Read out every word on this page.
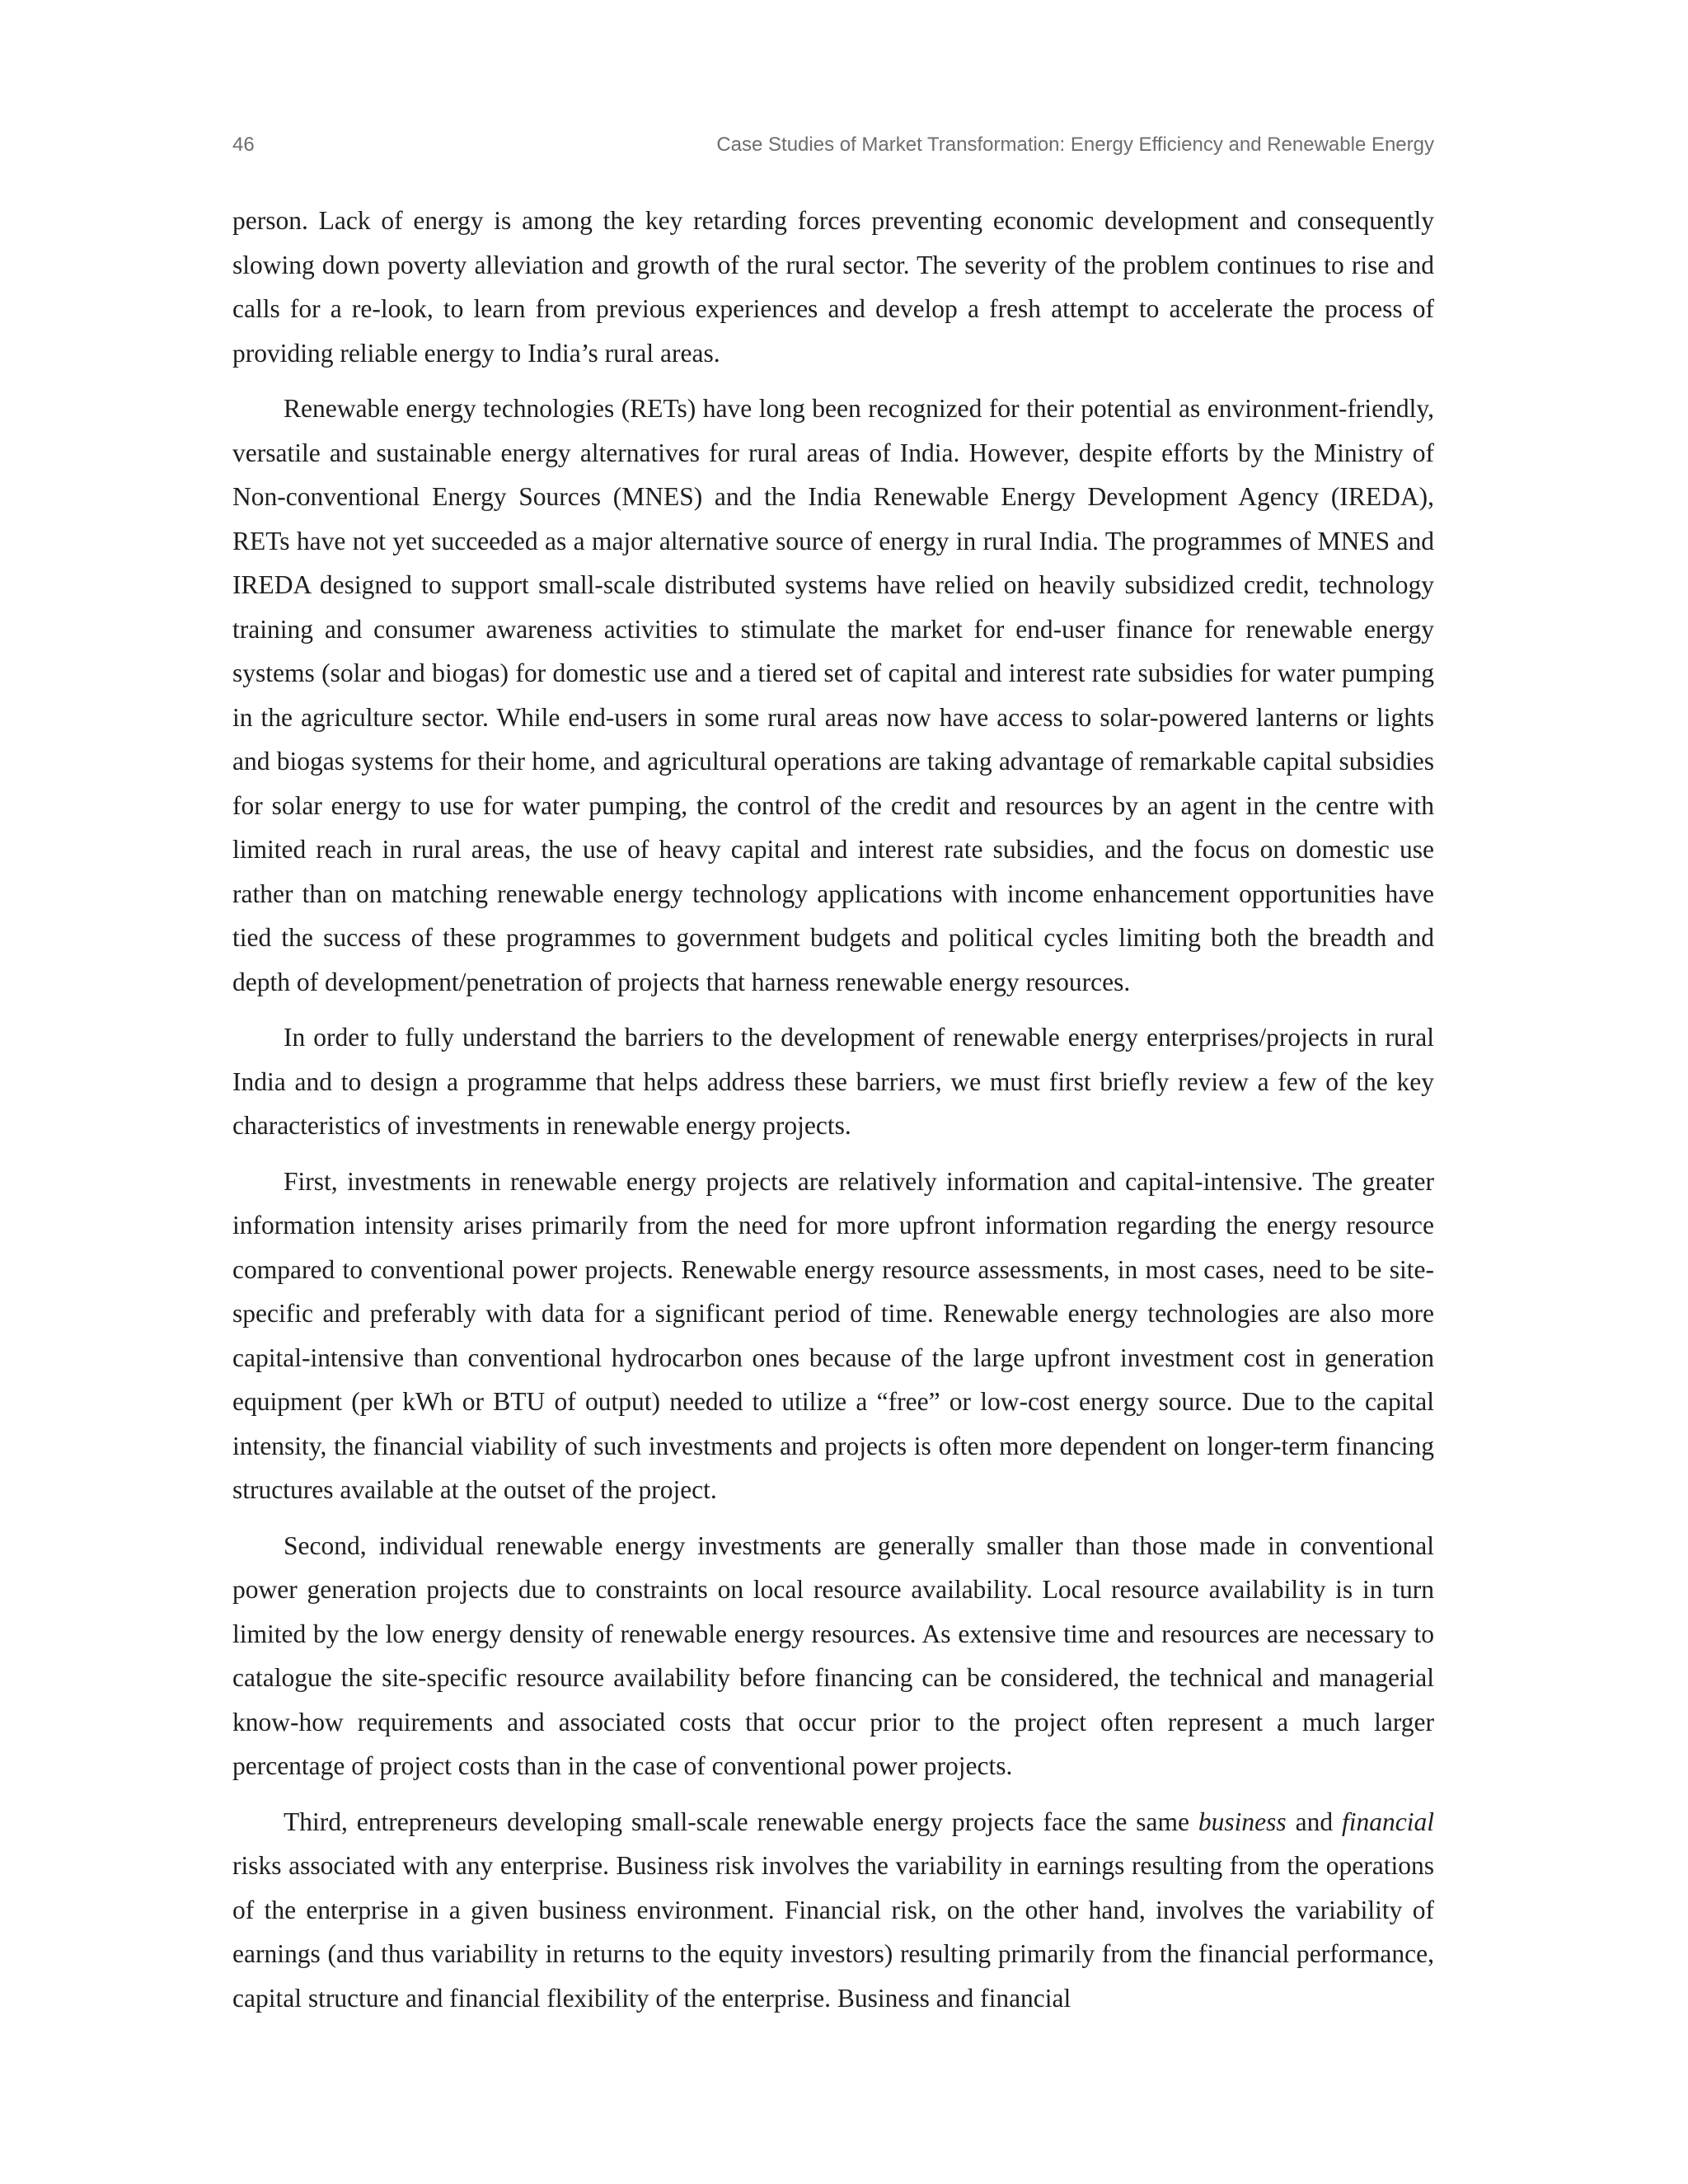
46	Case Studies of Market Transformation: Energy Efficiency and Renewable Energy

person. Lack of energy is among the key retarding forces preventing economic development and consequently slowing down poverty alleviation and growth of the rural sector. The severity of the problem continues to rise and calls for a re-look, to learn from previous experiences and develop a fresh attempt to accelerate the process of providing reliable energy to India’s rural areas.

Renewable energy technologies (RETs) have long been recognized for their potential as environment-friendly, versatile and sustainable energy alternatives for rural areas of India. However, despite efforts by the Ministry of Non-conventional Energy Sources (MNES) and the India Renewable Energy Development Agency (IREDA), RETs have not yet succeeded as a major alternative source of energy in rural India. The programmes of MNES and IREDA designed to support small-scale distributed systems have relied on heavily subsidized credit, technology training and consumer awareness activities to stimulate the market for end-user finance for renewable energy systems (solar and biogas) for domestic use and a tiered set of capital and interest rate subsidies for water pumping in the agriculture sector. While end-users in some rural areas now have access to solar-powered lanterns or lights and biogas systems for their home, and agricultural operations are taking advantage of remarkable capital subsidies for solar energy to use for water pumping, the control of the credit and resources by an agent in the centre with limited reach in rural areas, the use of heavy capital and interest rate subsidies, and the focus on domestic use rather than on matching renewable energy technology applications with income enhancement opportunities have tied the success of these programmes to government budgets and political cycles limiting both the breadth and depth of development/penetration of projects that harness renewable energy resources.

In order to fully understand the barriers to the development of renewable energy enterprises/projects in rural India and to design a programme that helps address these barriers, we must first briefly review a few of the key characteristics of investments in renewable energy projects.

First, investments in renewable energy projects are relatively information and capital-intensive. The greater information intensity arises primarily from the need for more upfront information regarding the energy resource compared to conventional power projects. Renewable energy resource assessments, in most cases, need to be site-specific and preferably with data for a significant period of time. Renewable energy technologies are also more capital-intensive than conventional hydrocarbon ones because of the large upfront investment cost in generation equipment (per kWh or BTU of output) needed to utilize a “free” or low-cost energy source. Due to the capital intensity, the financial viability of such investments and projects is often more dependent on longer-term financing structures available at the outset of the project.

Second, individual renewable energy investments are generally smaller than those made in conventional power generation projects due to constraints on local resource availability. Local resource availability is in turn limited by the low energy density of renewable energy resources. As extensive time and resources are necessary to catalogue the site-specific resource availability before financing can be considered, the technical and managerial know-how requirements and associated costs that occur prior to the project often represent a much larger percentage of project costs than in the case of conventional power projects.

Third, entrepreneurs developing small-scale renewable energy projects face the same business and financial risks associated with any enterprise. Business risk involves the variability in earnings resulting from the operations of the enterprise in a given business environment. Financial risk, on the other hand, involves the variability of earnings (and thus variability in returns to the equity investors) resulting primarily from the financial performance, capital structure and financial flexibility of the enterprise. Business and financial
